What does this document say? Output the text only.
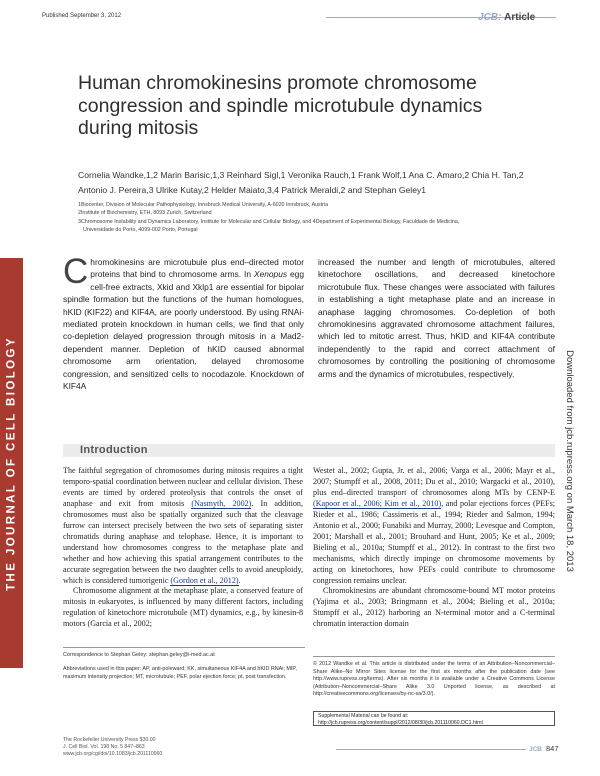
Published September 3, 2012	JCB: Article
THE JOURNAL OF CELL BIOLOGY	Downloaded from jcb.rupress.org on March 18, 2013
Human chromokinesins promote chromosome congression and spindle microtubule dynamics during mitosis
Cornelia Wandke,1,2 Marin Barisic,1,3 Reinhard Sigl,1 Veronika Rauch,1 Frank Wolf,1 Ana C. Amaro,2 Chia H. Tan,2
Antonio J. Pereira,3 Ulrike Kutay,2 Helder Maiato,3,4 Patrick Meraldi,2 and Stephan Geley1
1Biocenter, Division of Molecular Pathophysiology, Innsbruck Medical University, A-6020 Innsbruck, Austria
2Institute of Biochemistry, ETH, 8093 Zurich, Switzerland
3Chromosome Instability and Dynamics Laboratory, Institute for Molecular and Cellular Biology, and 4Department of Experimental Biology, Faculdade de Medicina,
Universidade do Porto, 4099-002 Porto, Portugal
Chromokinesins are microtubule plus end–directed motor proteins that bind to chromosome arms. In Xenopus egg cell-free extracts, Xkid and Xklp1 are essential for bipolar spindle formation but the functions of the human homologues, hKID (KIF22) and KIF4A, are poorly understood. By using RNAi-mediated protein knockdown in human cells, we find that only co-depletion delayed progression through mitosis in a Mad2-dependent manner. Depletion of hKID caused abnormal chromosome arm orientation, delayed chromosome congression, and sensitized cells to nocodazole. Knockdown of KIF4A
increased the number and length of microtubules, altered kinetochore oscillations, and decreased kinetochore microtubule flux. These changes were associated with failures in establishing a tight metaphase plate and an increase in anaphase lagging chromosomes. Co-depletion of both chromokinesins aggravated chromosome attachment failures, which led to mitotic arrest. Thus, hKID and KIF4A contribute independently to the rapid and correct attachment of chromosomes by controlling the positioning of chromosome arms and the dynamics of microtubules, respectively.
Introduction

The faithful segregation of chromosomes during mitosis requires a tight temporo-spatial coordination between nuclear and cellular division. These events are timed by ordered proteolysis that controls the onset of anaphase and exit from mitosis (Nasmyth, 2002). In addition, chromosomes must also be spatially organized such that the cleavage furrow can intersect precisely between the two sets of separating sister chromatids during anaphase and telophase. Hence, it is important to understand how chromosomes congress to the metaphase plate and whether and how achieving this spatial arrangement contributes to the accurate segregation between the two daughter cells to avoid aneuploidy, which is considered tumorigenic (Gordon et al., 2012).

Chromosome alignment at the metaphase plate, a conserved feature of mitosis in eukaryotes, is influenced by many different factors, including regulation of kinetochore microtubule (MT) dynamics, e.g., by kinesin-8 motors (Garcia et al., 2002;

Westet al., 2002; Gupta, Jr. et al., 2006; Varga et al., 2006; Mayr et al., 2007; Stumpff et al., 2008, 2011; Du et al., 2010; Wargacki et al., 2010), plus end–directed transport of chromosomes along MTs by CENP-E (Kapoor et al., 2006; Kim et al., 2010), and polar ejections forces (PEFs; Rieder et al., 1986; Cassimeris et al., 1994; Rieder and Salmon, 1994; Antonio et al., 2000; Funabiki and Murray, 2000; Levesque and Compton, 2001; Marshall et al., 2001; Brouhard and Hunt, 2005; Ke et al., 2009; Bieling et al., 2010a; Stumpff et al., 2012). In contrast to the first two mechanisms, which directly impinge on chromosome movements by acting on kinetochores, how PEFs could contribute to chromosome congression remains unclear.

Chromokinesins are abundant chromosome-bound MT motor proteins (Yajima et al., 2003; Bringmann et al., 2004; Bieling et al., 2010a; Stumpff et al., 2012) harboring an N-terminal motor and a C-terminal chromatin interaction domain

Correspondence to Stephan Geley: stephan.geley@i-med.ac.at
Abbreviations used in this paper: AP, anti-poleward; KK, simultaneous KIF4A and hKID RNAi; MIP, maximum intensity projection; MT, microtubule; PEF, polar ejection force; pt, post transfection.
© 2012 Wandke et al. This article is distributed under the terms of an Attribution–Noncommercial–Share Alike–No Mirror Sites license for the first six months after the publication date (see http://www.rupress.org/terms). After six months it is available under a Creative Commons License (Attribution–Noncommercial–Share Alike 3.0 Unported license, as described at http://creativecommons.org/licenses/by-nc-sa/3.0/).
Supplemental Material can be found at:
http://jcb.rupress.org/content/suppl/2012/08/30/jcb.201110060.DC1.html
The Rockefeller University Press $30.00
J. Cell Biol. Vol. 198 No. 5 847–863
www.jcb.org/cgi/doi/10.1083/jcb.201110060
JCB 847
